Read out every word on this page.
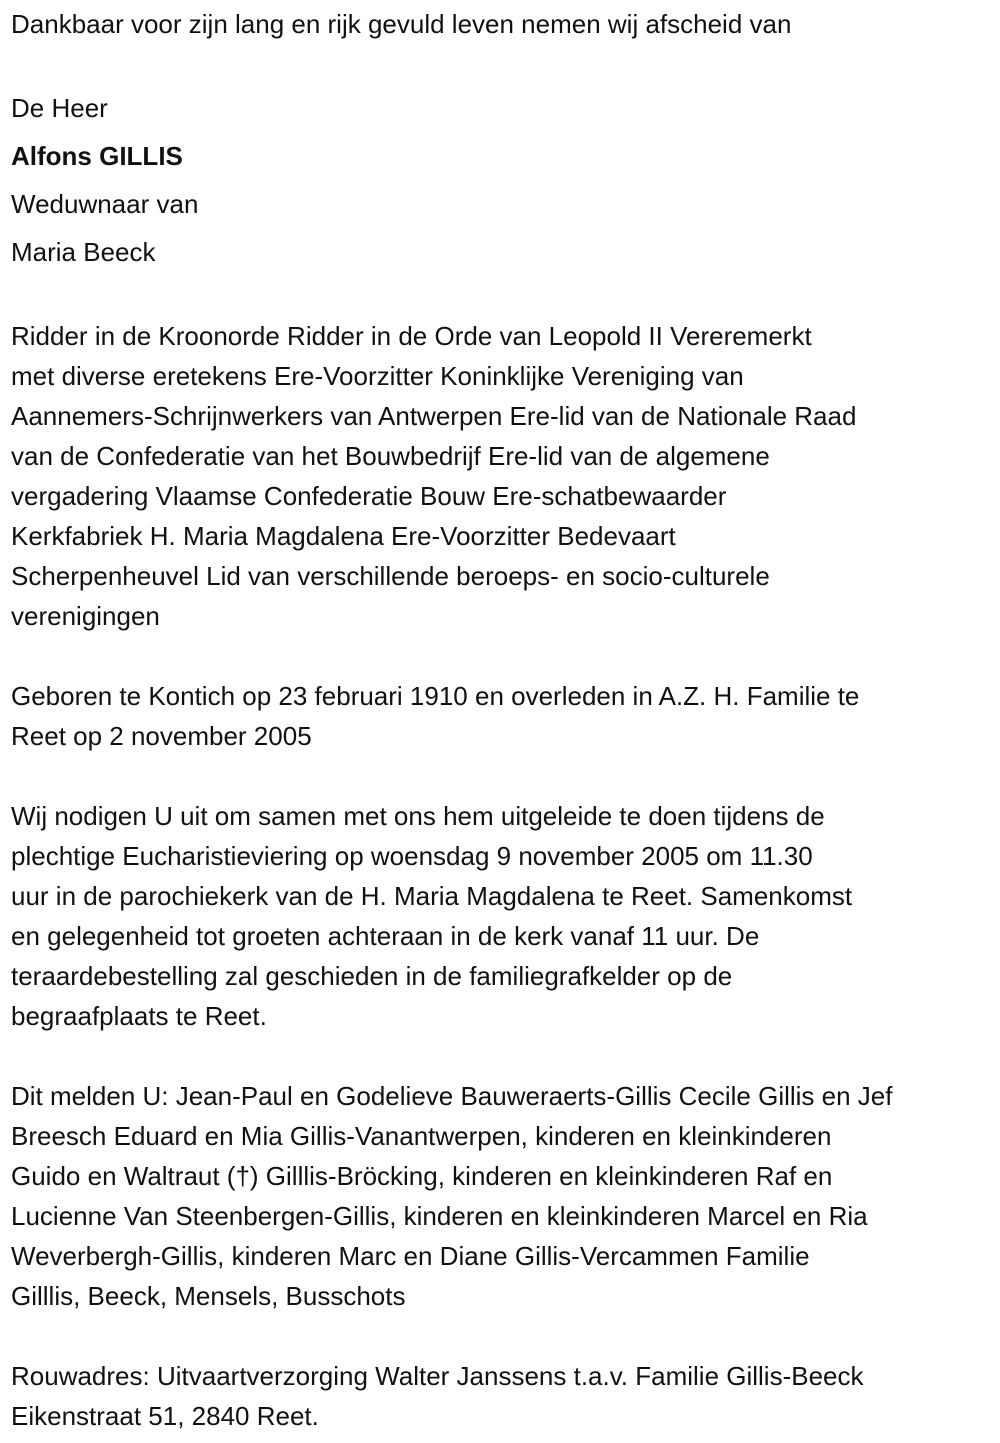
Dankbaar voor zijn lang en rijk gevuld leven nemen wij afscheid van
De Heer
Alfons GILLIS
Weduwnaar van
Maria Beeck
Ridder in de Kroonorde Ridder in de Orde van Leopold II Vereremerkt
met diverse eretekens Ere-Voorzitter Koninklijke Vereniging van
Aannemers-Schrijnwerkers van Antwerpen Ere-lid van de Nationale Raad
van de Confederatie van het Bouwbedrijf Ere-lid van de algemene
vergadering Vlaamse Confederatie Bouw Ere-schatbewaarder
Kerkfabriek H. Maria Magdalena Ere-Voorzitter Bedevaart
Scherpenheuvel Lid van verschillende beroeps- en socio-culturele
verenigingen
Geboren te Kontich op 23 februari 1910 en overleden in A.Z. H. Familie te
Reet op 2 november 2005
Wij nodigen U uit om samen met ons hem uitgeleide te doen tijdens de
plechtige Eucharistieviering op woensdag 9 november 2005 om 11.30
uur in de parochiekerk van de H. Maria Magdalena te Reet. Samenkomst
en gelegenheid tot groeten achteraan in de kerk vanaf 11 uur. De
teraardebestelling zal geschieden in de familiegrafkelder op de
begraafplaats te Reet.
Dit melden U: Jean-Paul en Godelieve Bauweraerts-Gillis Cecile Gillis en Jef
Breesch Eduard en Mia Gillis-Vanantwerpen, kinderen en kleinkinderen
Guido en Waltraut (†) Gilllis-Bröcking, kinderen en kleinkinderen Raf en
Lucienne Van Steenbergen-Gillis, kinderen en kleinkinderen Marcel en Ria
Weverbergh-Gillis, kinderen Marc en Diane Gillis-Vercammen Familie
Gilllis, Beeck, Mensels, Busschots
Rouwadres: Uitvaartverzorging Walter Janssens t.a.v. Familie Gillis-Beeck
Eikenstraat 51, 2840 Reet.
